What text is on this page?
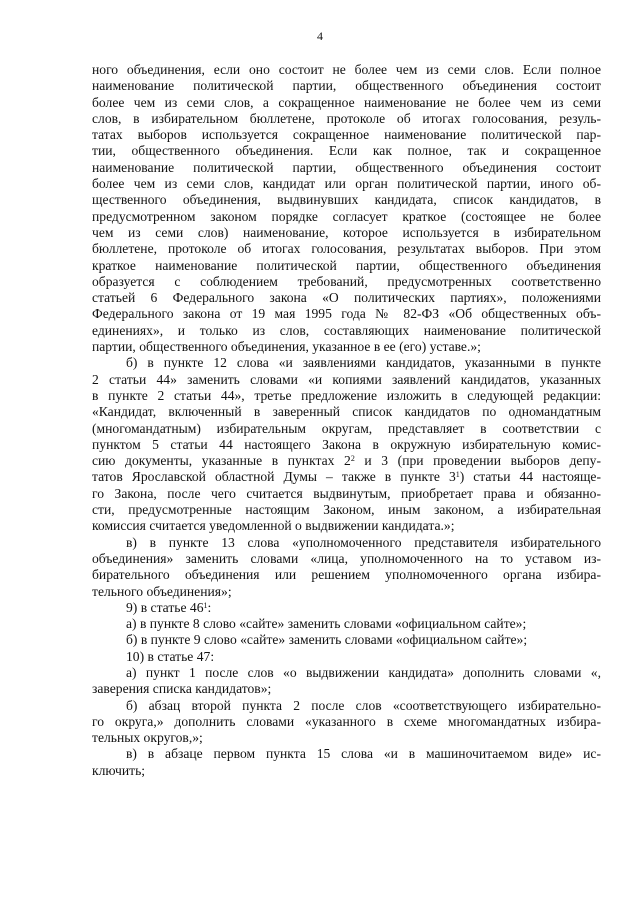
4
ного объединения, если оно состоит не более чем из семи слов. Если полное
наименование политической партии, общественного объединения состоит
более чем из семи слов, а сокращенное наименование не более чем из семи
слов, в избирательном бюллетене, протоколе об итогах голосования, резуль-
татах выборов используется сокращенное наименование политической пар-
тии, общественного объединения. Если как полное, так и сокращенное
наименование политической партии, общественного объединения состоит
более чем из семи слов, кандидат или орган политической партии, иного об-
щественного объединения, выдвинувших кандидата, список кандидатов, в
предусмотренном законом порядке согласует краткое (состоящее не более
чем из семи слов) наименование, которое используется в избирательном
бюллетене, протоколе об итогах голосования, результатах выборов. При этом
краткое наименование политической партии, общественного объединения
образуется с соблюдением требований, предусмотренных соответственно
статьей 6 Федерального закона «О политических партиях», положениями
Федерального закона от 19 мая 1995 года № 82-ФЗ «Об общественных объ-
единениях», и только из слов, составляющих наименование политической
партии, общественного объединения, указанное в ее (его) уставе.»;
б) в пункте 12 слова «и заявлениями кандидатов, указанными в пункте
2 статьи 44» заменить словами «и копиями заявлений кандидатов, указанных
в пункте 2 статьи 44», третье предложение изложить в следующей редакции:
«Кандидат, включенный в заверенный список кандидатов по одномандатным
(многомандатным) избирательным округам, представляет в соответствии с
пунктом 5 статьи 44 настоящего Закона в окружную избирательную комис-
сию документы, указанные в пунктах $2^2$ и 3 (при проведении выборов депу-
татов Ярославской областной Думы – также в пункте $3^1$) статьи 44 настояще-
го Закона, после чего считается выдвинутым, приобретает права и обязанно-
сти, предусмотренные настоящим Законом, иным законом, а избирательная
комиссия считается уведомленной о выдвижении кандидата.»;
в) в пункте 13 слова «уполномоченного представителя избирательного
объединения» заменить словами «лица, уполномоченного на то уставом из-
бирательного объединения или решением уполномоченного органа избира-
тельного объединения»;
9) в статье $46^1$:
а) в пункте 8 слово «сайте» заменить словами «официальном сайте»;
б) в пункте 9 слово «сайте» заменить словами «официальном сайте»;
10) в статье 47:
а) пункт 1 после слов «о выдвижении кандидата» дополнить словами «,
заверения списка кандидатов»;
б) абзац второй пункта 2 после слов «соответствующего избирательно-
го округа,» дополнить словами «указанного в схеме многомандатных избира-
тельных округов,»;
в) в абзаце первом пункта 15 слова «и в машиночитаемом виде» ис-
ключить;
